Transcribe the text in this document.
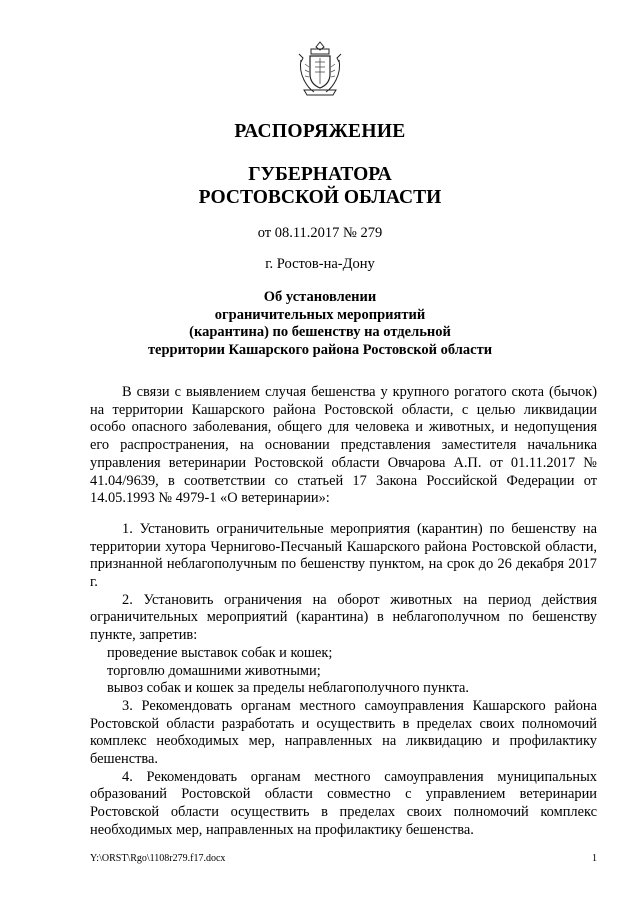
РАСПОРЯЖЕНИЕ
ГУБЕРНАТОРА
РОСТОВСКОЙ ОБЛАСТИ
от 08.11.2017 № 279
г. Ростов-на-Дону
Об установлении
ограничительных мероприятий
(карантина) по бешенству на отдельной
территории Кашарского района Ростовской области

В связи с выявлением случая бешенства у крупного рогатого скота (бычок) на территории Кашарского района Ростовской области, с целью ликвидации особо опасного заболевания, общего для человека и животных, и недопущения его распространения, на основании представления заместителя начальника управления ветеринарии Ростовской области Овчарова А.П. от 01.11.2017 № 41.04/9639, в соответствии со статьей 17 Закона Российской Федерации от 14.05.1993 № 4979-1 «О ветеринарии»:

1. Установить ограничительные мероприятия (карантин) по бешенству на территории хутора Чернигово-Песчаный Кашарского района Ростовской области, признанной неблагополучным по бешенству пунктом, на срок до 26 декабря 2017 г.

2. Установить ограничения на оборот животных на период действия ограничительных мероприятий (карантина) в неблагополучном по бешенству пункте, запретив:

проведение выставок собак и кошек;

торговлю домашними животными;

вывоз собак и кошек за пределы неблагополучного пункта.

3. Рекомендовать органам местного самоуправления Кашарского района Ростовской области разработать и осуществить в пределах своих полномочий комплекс необходимых мер, направленных на ликвидацию и профилактику бешенства.

4. Рекомендовать органам местного самоуправления муниципальных образований Ростовской области совместно с управлением ветеринарии Ростовской области осуществить в пределах своих полномочий комплекс необходимых мер, направленных на профилактику бешенства.

Y:\ORST\Rgo\1108r279.f17.docx	1
